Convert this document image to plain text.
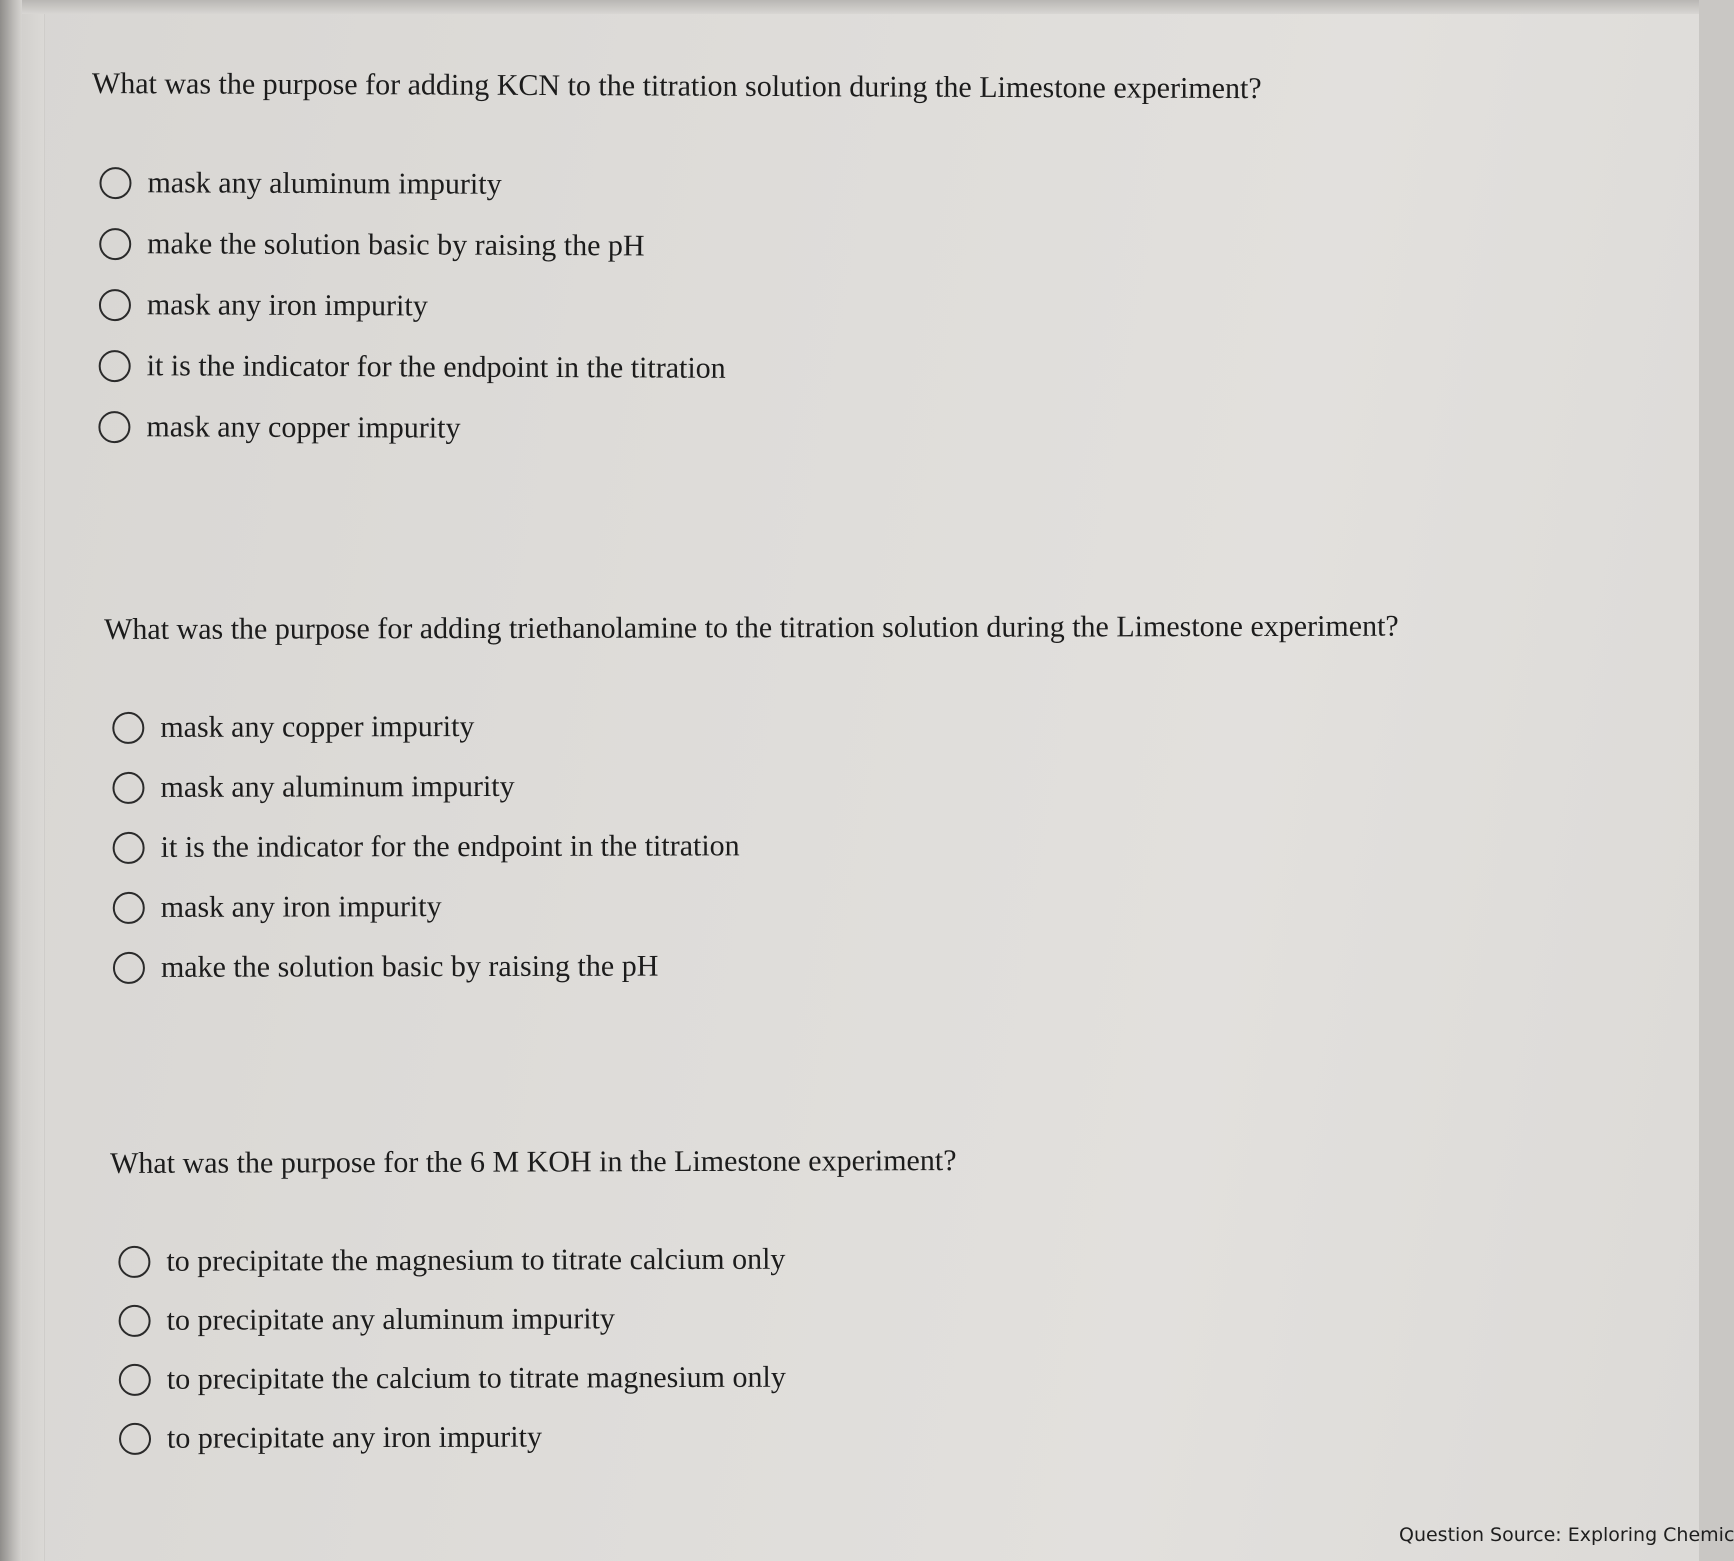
What was the purpose for adding KCN to the titration solution during the Limestone experiment?

mask any aluminum impurity
make the solution basic by raising the pH
mask any iron impurity
it is the indicator for the endpoint in the titration
mask any copper impurity

What was the purpose for adding triethanolamine to the titration solution during the Limestone experiment?

mask any copper impurity
mask any aluminum impurity
it is the indicator for the endpoint in the titration
mask any iron impurity
make the solution basic by raising the pH

What was the purpose for the 6 M KOH in the Limestone experiment?

to precipitate the magnesium to titrate calcium only
to precipitate any aluminum impurity
to precipitate the calcium to titrate magnesium only
to precipitate any iron impurity
Question Source: Exploring Chemic
